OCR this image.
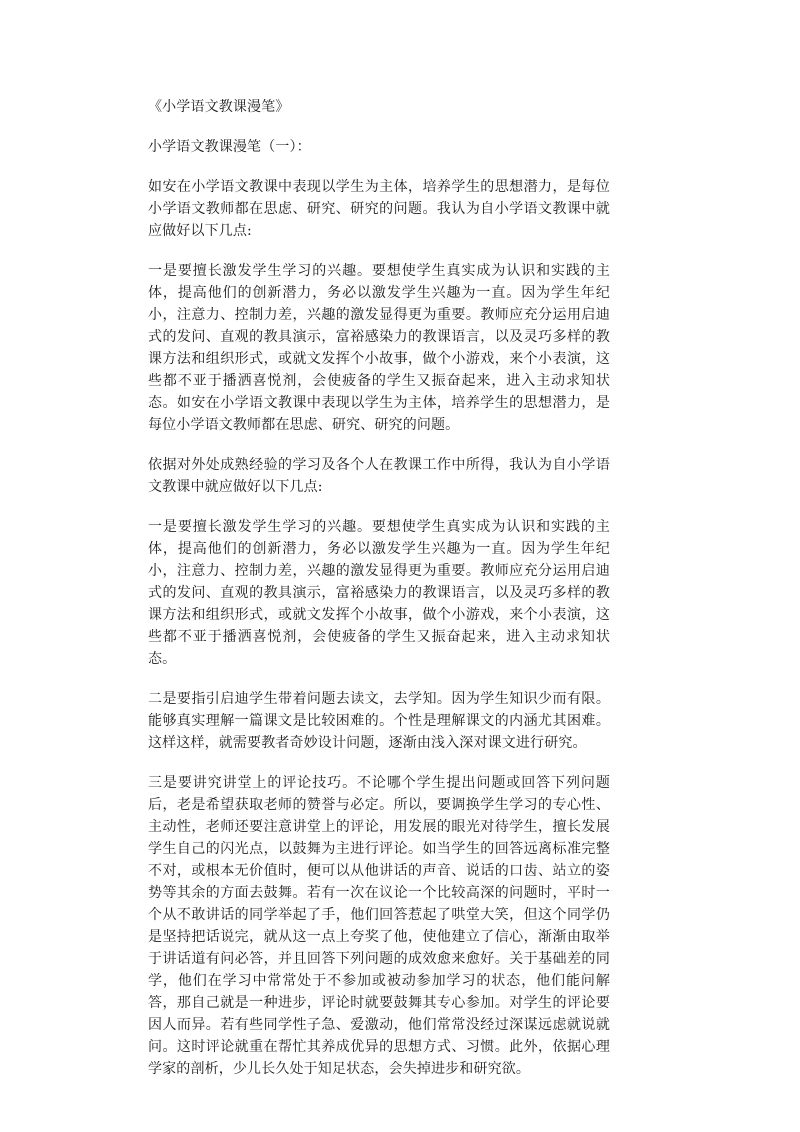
《小学语文教课漫笔》
小学语文教课漫笔（一）：

如安在小学语文教课中表现以学生为主体，培养学生的思想潜力，是每位小学语文教师都在思虑、研究、研究的问题。我认为自小学语文教课中就应做好以下几点:

一是要擅长激发学生学习的兴趣。要想使学生真实成为认识和实践的主体，提高他们的创新潜力，务必以激发学生兴趣为一直。因为学生年纪小，注意力、控制力差，兴趣的激发显得更为重要。教师应充分运用启迪式的发问、直观的教具演示，富裕感染力的教课语言，以及灵巧多样的教课方法和组织形式，或就文发挥个小故事，做个小游戏，来个小表演，这些都不亚于播洒喜悦剂，会使疲备的学生又振奋起来，进入主动求知状态。如安在小学语文教课中表现以学生为主体，培养学生的思想潜力，是每位小学语文教师都在思虑、研究、研究的问题。

依据对外处成熟经验的学习及各个人在教课工作中所得，我认为自小学语文教课中就应做好以下几点:

一是要擅长激发学生学习的兴趣。要想使学生真实成为认识和实践的主体，提高他们的创新潜力，务必以激发学生兴趣为一直。因为学生年纪小，注意力、控制力差，兴趣的激发显得更为重要。教师应充分运用启迪式的发问、直观的教具演示，富裕感染力的教课语言，以及灵巧多样的教课方法和组织形式，或就文发挥个小故事，做个小游戏，来个小表演，这些都不亚于播洒喜悦剂，会使疲备的学生又振奋起来，进入主动求知状态。

二是要指引启迪学生带着问题去读文，去学知。因为学生知识少而有限。能够真实理解一篇课文是比较困难的。个性是理解课文的内涵尤其困难。这样这样，就需要教者奇妙设计问题，逐渐由浅入深对课文进行研究。

三是要讲究讲堂上的评论技巧。不论哪个学生提出问题或回答下列问题后，老是希望获取老师的赞誉与必定。所以，要调换学生学习的专心性、主动性，老师还要注意讲堂上的评论，用发展的眼光对待学生，擅长发展学生自己的闪光点，以鼓舞为主进行评论。如当学生的回答远离标准完整不对，或根本无价值时，便可以从他讲话的声音、说话的口齿、站立的姿势等其余的方面去鼓舞。若有一次在议论一个比较高深的问题时，平时一个从不敢讲话的同学举起了手，他们回答惹起了哄堂大笑，但这个同学仍是坚持把话说完，就从这一点上夸奖了他，使他建立了信心，渐渐由取举于讲话道有问必答，并且回答下列问题的成效愈来愈好。关于基础差的同学，他们在学习中常常处于不参加或被动参加学习的状态，他们能问解答，那自己就是一种进步，评论时就要鼓舞其专心参加。对学生的评论要因人而异。若有些同学性子急、爱激动，他们常常没经过深谋远虑就说就问。这时评论就重在帮忙其养成优异的思想方式、习惯。此外，依据心理学家的剖析，少儿长久处于知足状态，会失掉进步和研究欲。
